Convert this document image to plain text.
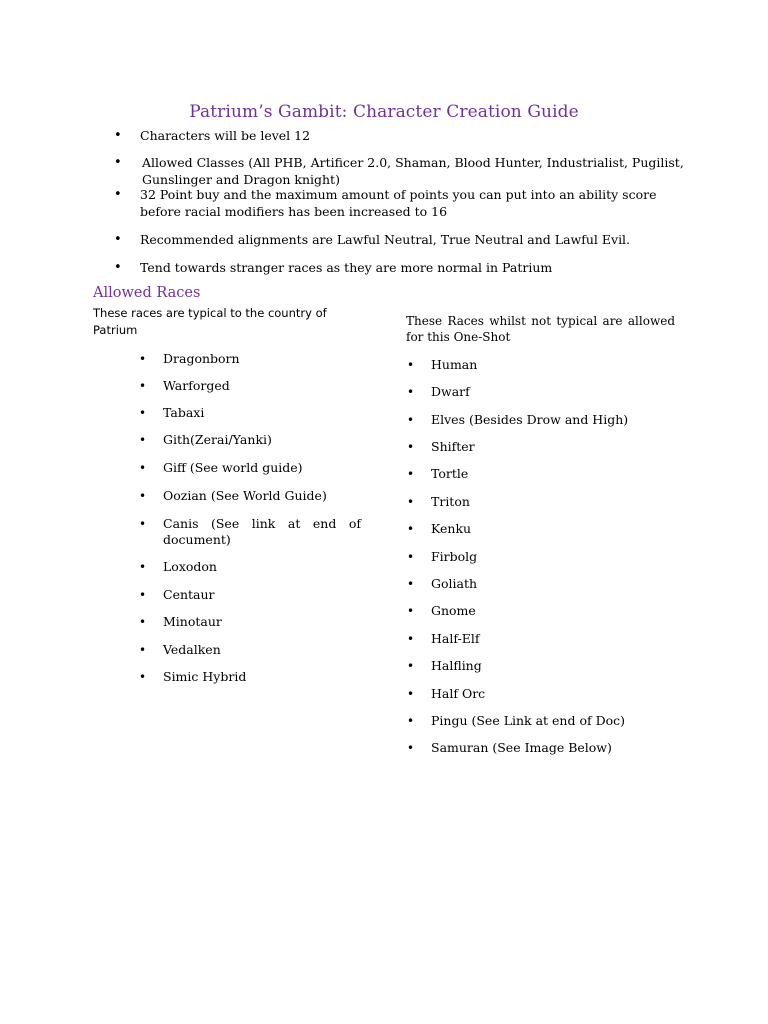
Patrium’s Gambit: Character Creation Guide
• Characters will be level 12
• Allowed Classes (All PHB, Artificer 2.0, Shaman, Blood Hunter, Industrialist, Pugilist, Gunslinger and Dragon knight)
• 32 Point buy and the maximum amount of points you can put into an ability score before racial modifiers has been increased to 16
• Recommended alignments are Lawful Neutral, True Neutral and Lawful Evil.
• Tend towards stranger races as they are more normal in Patrium
Allowed Races
These races are typical to the country of Patrium
These Races whilst not typical are allowed for this One-Shot
• Dragonborn
• Warforged
• Tabaxi
• Gith(Zerai/Yanki)
• Giff (See world guide)
• Oozian (See World Guide)
• Canis (See link at end of document)
• Loxodon
• Centaur
• Minotaur
• Vedalken
• Simic Hybrid
• Human
• Dwarf
• Elves (Besides Drow and High)
• Shifter
• Tortle
• Triton
• Kenku
• Firbolg
• Goliath
• Gnome
• Half-Elf
• Halfling
• Half Orc
• Pingu (See Link at end of Doc)
• Samuran (See Image Below)
